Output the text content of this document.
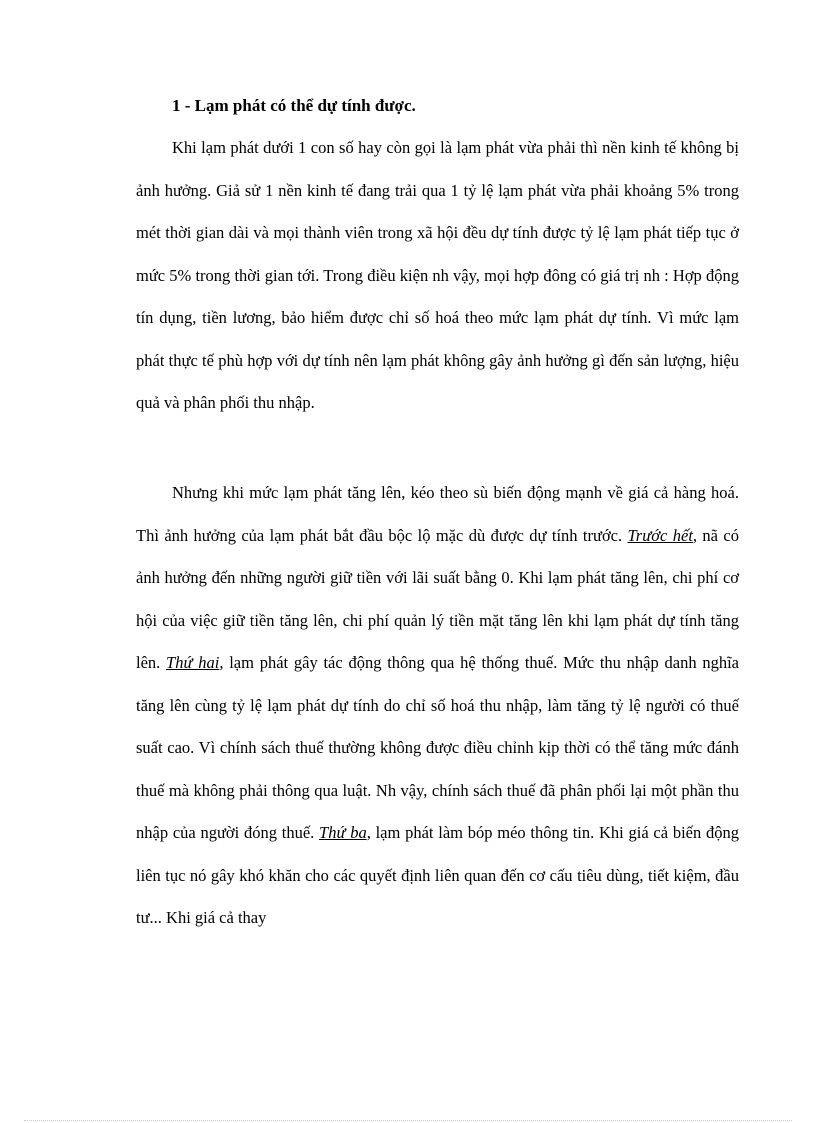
1 - Lạm phát có thể dự tính được.

Khi lạm phát dưới 1 con số hay còn gọi là lạm phát vừa phải thì nền kinh tế không bị ảnh hưởng. Giả sử 1 nền kinh tế đang trải qua 1 tỷ lệ lạm phát vừa phải khoảng 5% trong mét thời gian dài và mọi thành viên trong xã hội đều dự tính được tỷ lệ lạm phát tiếp tục ở mức 5% trong thời gian tới. Trong điều kiện nh vậy, mọi hợp đông có giá trị nh : Hợp động tín dụng, tiền lương, bảo hiểm được chỉ số hoá theo mức lạm phát dự tính. Vì mức lạm phát thực tế phù hợp với dự tính nên lạm phát không gây ảnh hưởng gì đến sản lượng, hiệu quả và phân phối thu nhập.

Nhưng khi mức lạm phát tăng lên, kéo theo sù biến động mạnh về giá cả hàng hoá. Thì ảnh hưởng của lạm phát bắt đầu bộc lộ mặc dù được dự tính trước. Trước hết, nã có ảnh hưởng đến những người giữ tiền với lãi suất bằng 0. Khi lạm phát tăng lên, chi phí cơ hội của việc giữ tiền tăng lên, chi phí quản lý tiền mặt tăng lên khi lạm phát dự tính tăng lên. Thứ hai, lạm phát gây tác động thông qua hệ thống thuế. Mức thu nhập danh nghĩa tăng lên cùng tỷ lệ lạm phát dự tính do chỉ số hoá thu nhập, làm tăng tỷ lệ người có thuế suất cao. Vì chính sách thuế thường không được điều chỉnh kịp thời có thể tăng mức đánh thuế mà không phải thông qua luật. Nh vậy, chính sách thuế đã phân phối lại một phần thu nhập của người đóng thuế. Thứ ba, lạm phát làm bóp méo thông tin. Khi giá cả biến động liên tục nó gây khó khăn cho các quyết định liên quan đến cơ cấu tiêu dùng, tiết kiệm, đầu tư... Khi giá cả thay
